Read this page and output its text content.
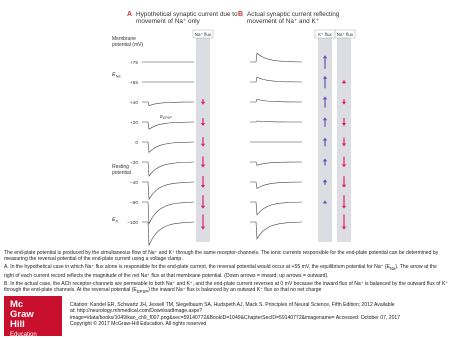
A Hypothetical synaptic current due to
movement of Na⁺ only
B Actual synaptic current reflecting
movement of Na⁺ and K⁺
Na⁺ flux	K⁺ flux Na⁺ flux
Membrane
potential (mV)
Resting
potential
$E_{Na}$
$E_K$
$E_{EPSP}$
+75
+55
+40
+20
0
−20
−40
−90
−100

The end-plate potential is produced by the simultaneous flow of Na⁺ and K⁺ through the same receptor-channels. The ionic currents responsible for the end-plate potential can be determined by measuring the reversal potential of the end-plate current using a voltage clamp.

A. In the hypothetical case in which Na⁺ flux alone is responsible for the end-plate current, the reversal potential would occur at +55 mV, the equilibrium potential for Na⁺ $(E_{Na})$. The arrow at the right of each current record reflects the magnitude of the net Na⁺ flux at that membrane potential. (Down arrows = inward; up arrows = outward).

B. In the actual case, the ACh receptor-channels are permeable to both Na⁺ and K⁺, and the end-plate current reverses at 0 mV because the inward flux of Na⁺ is balanced by the outward flux of K⁺ through the end-plate channels. At the reversal potential $(E_{EPSP})$ the inward Na⁺ flux is balanced by an outward K⁺ flux so that no net charge

Mc
Graw
Hill
Education
Citation: Kandel ER, Schwartz JH, Jessell TM, Siegelbaum SA, Hudspeth AJ, Mack S. Principles of Neural Science, Fifth Edition; 2012 Available
at: http://neurology.mhmedical.com/DownloadImage.aspx?image=/data/books/1049/kan_ch9_f007.png&sec=59140772&BookID=1049&ChapterSecID=59140772&imagename= Accessed: October 07, 2017
Copyright © 2017 McGraw-Hill Education. All rights reserved
